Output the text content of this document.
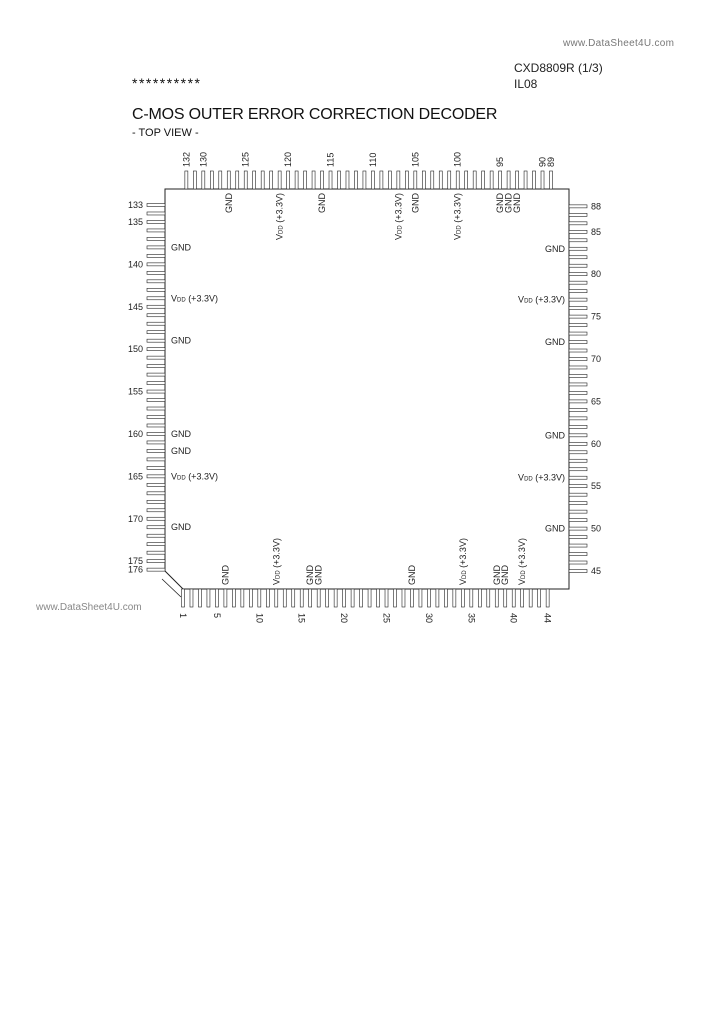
www.DataSheet4U.com
CXD8809R (1/3)
IL08
**********
C-MOS OUTER ERROR CORRECTION DECODER
- TOP VIEW -
1	5	10	15	20	25	30	35	40	44
89
90
95
100
105
110
115
120
125
130
132
45
50
55
60
65
70
75
80
85
88
133
135
140
145
150
155
160
165
170
175
176
GND
VDD (+3.3V)
GND
GND
GND
VDD (+3.3V)
GND
GND
VDD (+3.3V)
GND
GND
VDD (+3.3V)
GND
GND
VDD (+3.3V)	GND
VDD (+3.3V) GND
VDD (+3.3V)	GND
GND
GND
GND	VDD (+3.3V)
GND
GND	GND	VDD (+3.3V)
GND
GND VDD (+3.3V)
www.DataSheet4U.com
